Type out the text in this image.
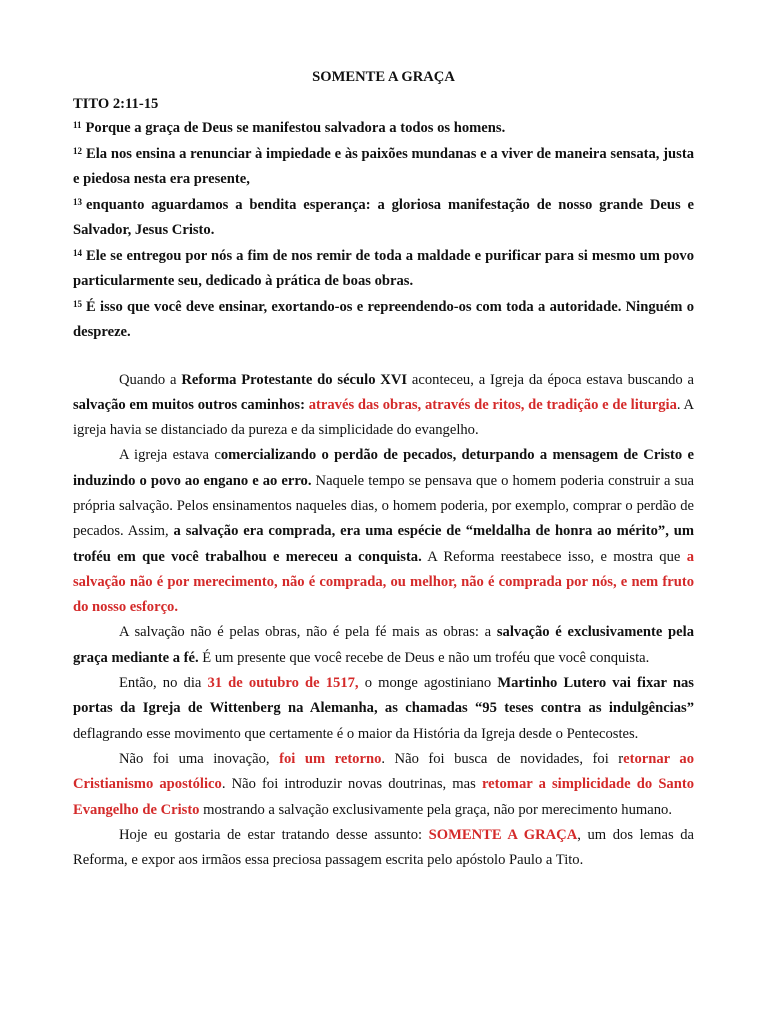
SOMENTE A GRAÇA
TITO 2:11-15

$^{11}$ Porque a graça de Deus se manifestou salvadora a todos os homens.

$^{12}$ Ela nos ensina a renunciar à impiedade e às paixões mundanas e a viver de maneira sensata, justa e piedosa nesta era presente,

$^{13}$ enquanto aguardamos a bendita esperança: a gloriosa manifestação de nosso grande Deus e Salvador, Jesus Cristo.

$^{14}$ Ele se entregou por nós a fim de nos remir de toda a maldade e purificar para si mesmo um povo particularmente seu, dedicado à prática de boas obras.

$^{15}$ É isso que você deve ensinar, exortando-os e repreendendo-os com toda a autoridade. Ninguém o despreze.

Quando a Reforma Protestante do século XVI aconteceu, a Igreja da época estava buscando a salvação em muitos outros caminhos: através das obras, através de ritos, de tradição e de liturgia. A igreja havia se distanciado da pureza e da simplicidade do evangelho.

A igreja estava comercializando o perdão de pecados, deturpando a mensagem de Cristo e induzindo o povo ao engano e ao erro. Naquele tempo se pensava que o homem poderia construir a sua própria salvação. Pelos ensinamentos naqueles dias, o homem poderia, por exemplo, comprar o perdão de pecados. Assim, a salvação era comprada, era uma espécie de “meldalha de honra ao mérito”, um troféu em que você trabalhou e mereceu a conquista. A Reforma reestabece isso, e mostra que a salvação não é por merecimento, não é comprada, ou melhor, não é comprada por nós, e nem fruto do nosso esforço.

A salvação não é pelas obras, não é pela fé mais as obras: a salvação é exclusivamente pela graça mediante a fé. É um presente que você recebe de Deus e não um troféu que você conquista.

Então, no dia 31 de outubro de 1517, o monge agostiniano Martinho Lutero vai fixar nas portas da Igreja de Wittenberg na Alemanha, as chamadas “95 teses contra as indulgências” deflagrando esse movimento que certamente é o maior da História da Igreja desde o Pentecostes.

Não foi uma inovação, foi um retorno. Não foi busca de novidades, foi retornar ao Cristianismo apostólico. Não foi introduzir novas doutrinas, mas retomar a simplicidade do Santo Evangelho de Cristo mostrando a salvação exclusivamente pela graça, não por merecimento humano.

Hoje eu gostaria de estar tratando desse assunto: SOMENTE A GRAÇA, um dos lemas da Reforma, e expor aos irmãos essa preciosa passagem escrita pelo apóstolo Paulo a Tito.
